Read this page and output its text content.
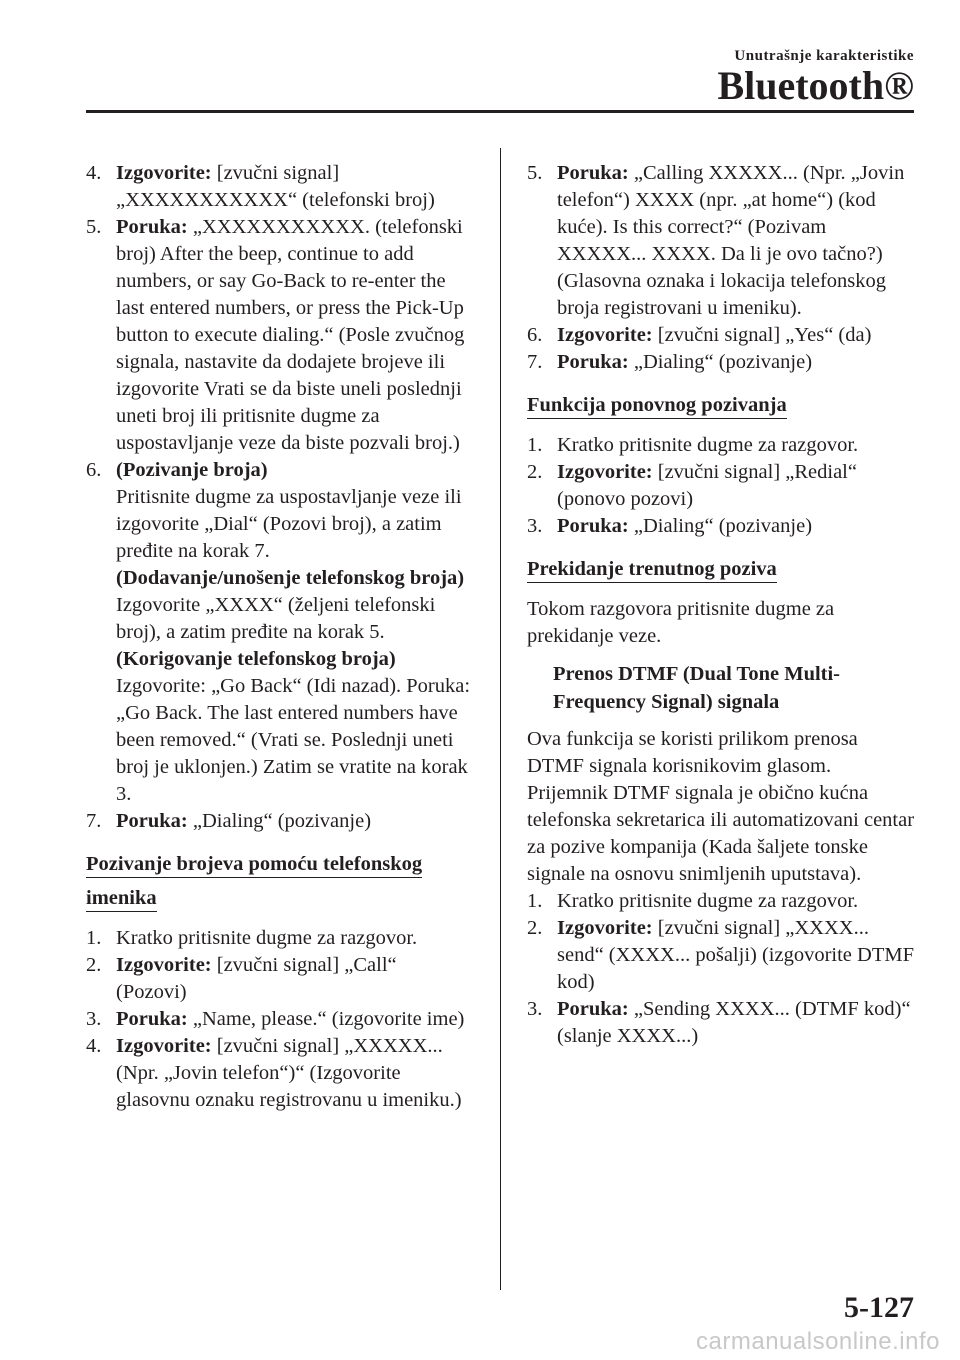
Unutrašnje karakteristike
Bluetooth®
4. Izgovorite: [zvučni signal] „XXXXXXXXXXX“ (telefonski broj)
5. Poruka: „XXXXXXXXXXX. (telefonski broj) After the beep, continue to add numbers, or say Go-Back to re-enter the last entered numbers, or press the Pick-Up button to execute dialing.“ (Posle zvučnog signala, nastavite da dodajete brojeve ili izgovorite Vrati se da biste uneli poslednji uneti broj ili pritisnite dugme za uspostavljanje veze da biste pozvali broj.)
6. (Pozivanje broja)
Pritisnite dugme za uspostavljanje veze ili izgovorite „Dial“ (Pozovi broj), a zatim pređite na korak 7.
(Dodavanje/unošenje telefonskog broja)
Izgovorite „XXXX“ (željeni telefonski broj), a zatim pređite na korak 5.
(Korigovanje telefonskog broja)
Izgovorite: „Go Back“ (Idi nazad). Poruka: „Go Back. The last entered numbers have been removed.“ (Vrati se. Poslednji uneti broj je uklonjen.) Zatim se vratite na korak 3.
7. Poruka: „Dialing“ (pozivanje)
Pozivanje brojeva pomoću telefonskog imenika
1. Kratko pritisnite dugme za razgovor.
2. Izgovorite: [zvučni signal] „Call“ (Pozovi)
3. Poruka: „Name, please.“ (izgovorite ime)
4. Izgovorite: [zvučni signal] „XXXXX... (Npr. „Jovin telefon“)“ (Izgovorite glasovnu oznaku registrovanu u imeniku.)
5. Poruka: „Calling XXXXX... (Npr. „Jovin telefon“) XXXX (npr. „at home“) (kod kuće). Is this correct?“ (Pozivam XXXXX... XXXX. Da li je ovo tačno?) (Glasovna oznaka i lokacija telefonskog broja registrovani u imeniku).
6. Izgovorite: [zvučni signal] „Yes“ (da)
7. Poruka: „Dialing“ (pozivanje)
Funkcija ponovnog pozivanja
1. Kratko pritisnite dugme za razgovor.
2. Izgovorite: [zvučni signal] „Redial“ (ponovo pozovi)
3. Poruka: „Dialing“ (pozivanje)
Prekidanje trenutnog poziva
Tokom razgovora pritisnite dugme za prekidanje veze.
Prenos DTMF (Dual Tone Multi-Frequency Signal) signala
Ova funkcija se koristi prilikom prenosa DTMF signala korisnikovim glasom. Prijemnik DTMF signala je obično kućna telefonska sekretarica ili automatizovani centar za pozive kompanija (Kada šaljete tonske signale na osnovu snimljenih uputstava).
1. Kratko pritisnite dugme za razgovor.
2. Izgovorite: [zvučni signal] „XXXX... send“ (XXXX... pošalji) (izgovorite DTMF kod)
3. Poruka: „Sending XXXX... (DTMF kod)“ (slanje XXXX...)
5-127
carmanualsonline.info
